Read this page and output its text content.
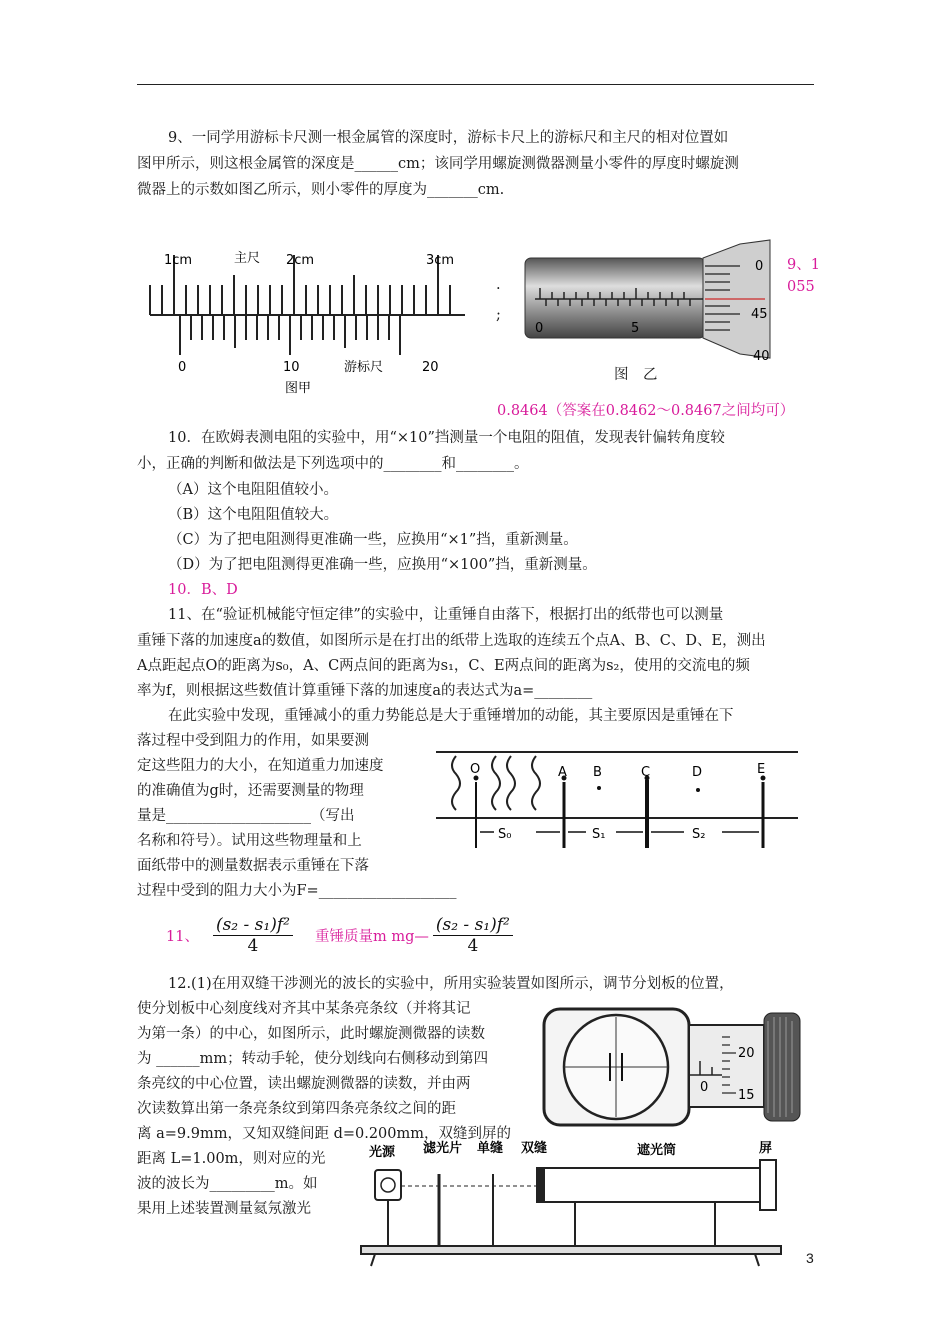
9、一同学用游标卡尺测一根金属管的深度时，游标卡尺上的游标尺和主尺的相对位置如
图甲所示，则这根金属管的深度是______cm；该同学用螺旋测微器测量小零件的厚度时螺旋测
微器上的示数如图乙所示，则小零件的厚度为_______cm.
1cm	主尺 2cm	3cm
0	10	游标尺	20
图甲
.
;
0	5
0
45
40
图　乙
9、1
055
0.8464（答案在0.8462～0.8467之间均可）
10．在欧姆表测电阻的实验中，用“×10”挡测量一个电阻的阻值，发现表针偏转角度较
小，正确的判断和做法是下列选项中的________和________。
（A）这个电阻阻值较小。
（B）这个电阻阻值较大。
（C）为了把电阻测得更准确一些，应换用“×1”挡，重新测量。
（D）为了把电阻测得更准确一些，应换用“×100”挡，重新测量。
10．B、D
11、在“验证机械能守恒定律”的实验中，让重锤自由落下，根据打出的纸带也可以测量
重锤下落的加速度a的数值，如图所示是在打出的纸带上选取的连续五个点A、B、C、D、E，测出
A点距起点O的距离为s₀，A、C两点间的距离为s₁，C、E两点间的距离为s₂，使用的交流电的频
率为f，则根据这些数值计算重锤下落的加速度a的表达式为a=________
在此实验中发现，重锤减小的重力势能总是大于重锤增加的动能，其主要原因是重锤在下
落过程中受到阻力的作用，如果要测
定这些阻力的大小，在知道重力加速度
的准确值为g时，还需要测量的物理
量是____________________（写出
名称和符号）。试用这些物理量和上
面纸带中的测量数据表示重锤在下落
过程中受到的阻力大小为F=___________________
O	A B	C	D	E
S₀	S₁	S₂
11、 $\frac{\text{(s₂ - s₁)f²}}{4}$ 重锤质量m mg— $\frac{\text{(s₂ - s₁)f²}}{4}$
12.(1)在用双缝干涉测光的波长的实验中，所用实验装置如图所示，调节分划板的位置，
使分划板中心刻度线对齐其中某条亮条纹（并将其记
为第一条）的中心，如图所示，此时螺旋测微器的读数
为 ______mm；转动手轮，使分划线向右侧移动到第四
条亮纹的中心位置，读出螺旋测微器的读数，并由两
次读数算出第一条亮条纹到第四条亮条纹之间的距
离 a=9.9mm，又知双缝间距 d=0.200mm，双缝到屏的
距离 L=1.00m，则对应的光
波的波长为_________m。如
果用上述装置测量氦氖激光
20
0
15
光源 滤光片 单缝 双缝	遮光筒	屏
3
